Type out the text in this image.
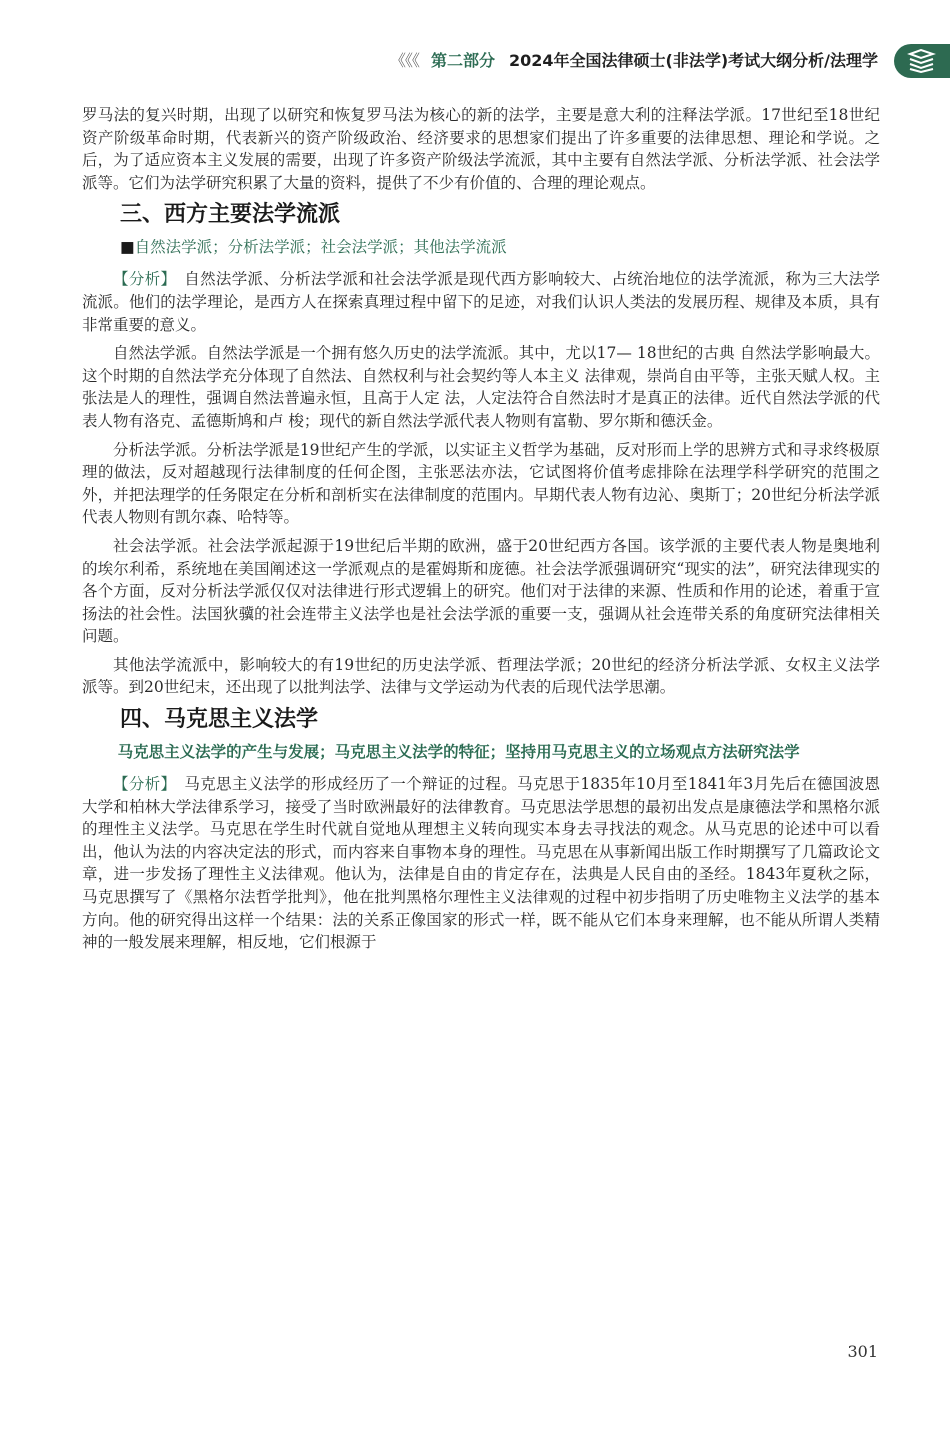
《《《 第二部分 2024年全国法律硕士(非法学)考试大纲分析/法理学

罗马法的复兴时期，出现了以研究和恢复罗马法为核心的新的法学，主要是意大利的注释法学派。17世纪至18世纪资产阶级革命时期，代表新兴的资产阶级政治、经济要求的思想家们提出了许多重要的法律思想、理论和学说。之后，为了适应资本主义发展的需要，出现了许多资产阶级法学流派，其中主要有自然法学派、分析法学派、社会法学派等。它们为法学研究积累了大量的资料，提供了不少有价值的、合理的理论观点。

三、西方主要法学流派
■自然法学派；分析法学派；社会法学派；其他法学流派

【分析】 自然法学派、分析法学派和社会法学派是现代西方影响较大、占统治地位的法学流派，称为三大法学流派。他们的法学理论，是西方人在探索真理过程中留下的足迹，对我们认识人类法的发展历程、规律及本质，具有非常重要的意义。

自然法学派。自然法学派是一个拥有悠久历史的法学流派。其中，尤以17— 18世纪的古典 自然法学影响最大。这个时期的自然法学充分体现了自然法、自然权利与社会契约等人本主义 法律观，崇尚自由平等，主张天赋人权。主张法是人的理性，强调自然法普遍永恒，且高于人定 法，人定法符合自然法时才是真正的法律。近代自然法学派的代表人物有洛克、孟德斯鸠和卢 梭；现代的新自然法学派代表人物则有富勒、罗尔斯和德沃金。

分析法学派。分析法学派是19世纪产生的学派，以实证主义哲学为基础，反对形而上学的思辨方式和寻求终极原理的做法，反对超越现行法律制度的任何企图，主张恶法亦法，它试图将价值考虑排除在法理学科学研究的范围之外，并把法理学的任务限定在分析和剖析实在法律制度的范围内。早期代表人物有边沁、奥斯丁；20世纪分析法学派代表人物则有凯尔森、哈特等。

社会法学派。社会法学派起源于19世纪后半期的欧洲，盛于20世纪西方各国。该学派的主要代表人物是奥地利的埃尔利希，系统地在美国阐述这一学派观点的是霍姆斯和庞德。社会法学派强调研究“现实的法”，研究法律现实的各个方面，反对分析法学派仅仅对法律进行形式逻辑上的研究。他们对于法律的来源、性质和作用的论述，着重于宣扬法的社会性。法国狄骥的社会连带主义法学也是社会法学派的重要一支，强调从社会连带关系的角度研究法律相关问题。

其他法学流派中，影响较大的有19世纪的历史法学派、哲理法学派；20世纪的经济分析法学派、女权主义法学派等。到20世纪末，还出现了以批判法学、法律与文学运动为代表的后现代法学思潮。

四、马克思主义法学
马克思主义法学的产生与发展；马克思主义法学的特征；坚持用马克思主义的立场观点方法研究法学

【分析】 马克思主义法学的形成经历了一个辩证的过程。马克思于1835年10月至1841年3月先后在德国波恩大学和柏林大学法律系学习，接受了当时欧洲最好的法律教育。马克思法学思想的最初出发点是康德法学和黑格尔派的理性主义法学。马克思在学生时代就自觉地从理想主义转向现实本身去寻找法的观念。从马克思的论述中可以看出，他认为法的内容决定法的形式，而内容来自事物本身的理性。马克思在从事新闻出版工作时期撰写了几篇政论文章，进一步发扬了理性主义法律观。他认为，法律是自由的肯定存在，法典是人民自由的圣经。1843年夏秋之际，马克思撰写了《黑格尔法哲学批判》，他在批判黑格尔理性主义法律观的过程中初步指明了历史唯物主义法学的基本方向。他的研究得出这样一个结果：法的关系正像国家的形式一样，既不能从它们本身来理解，也不能从所谓人类精神的一般发展来理解，相反地，它们根源于

301
